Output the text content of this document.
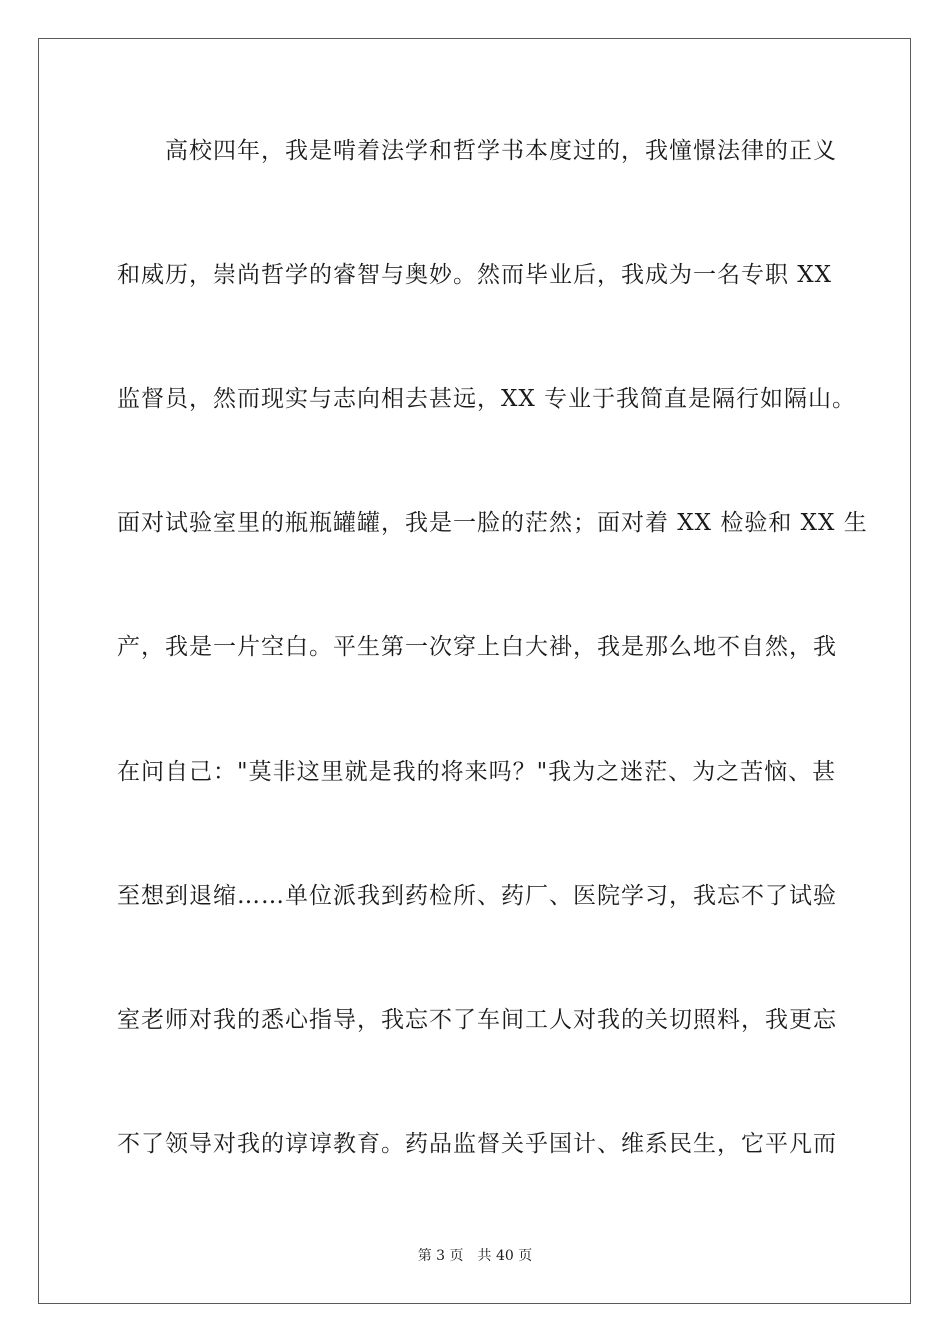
高校四年，我是啃着法学和哲学书本度过的，我憧憬法律的正义
和威历，崇尚哲学的睿智与奥妙。然而毕业后，我成为一名专职 XX
监督员，然而现实与志向相去甚远，XX 专业于我简直是隔行如隔山。
面对试验室里的瓶瓶罐罐，我是一脸的茫然；面对着 XX 检验和 XX 生
产，我是一片空白。平生第一次穿上白大褂，我是那么地不自然，我
在问自己："莫非这里就是我的将来吗？"我为之迷茫、为之苦恼、甚
至想到退缩……单位派我到药检所、药厂、医院学习，我忘不了试验
室老师对我的悉心指导，我忘不了车间工人对我的关切照料，我更忘
不了领导对我的谆谆教育。药品监督关乎国计、维系民生，它平凡而
第 3 页 共 40 页
